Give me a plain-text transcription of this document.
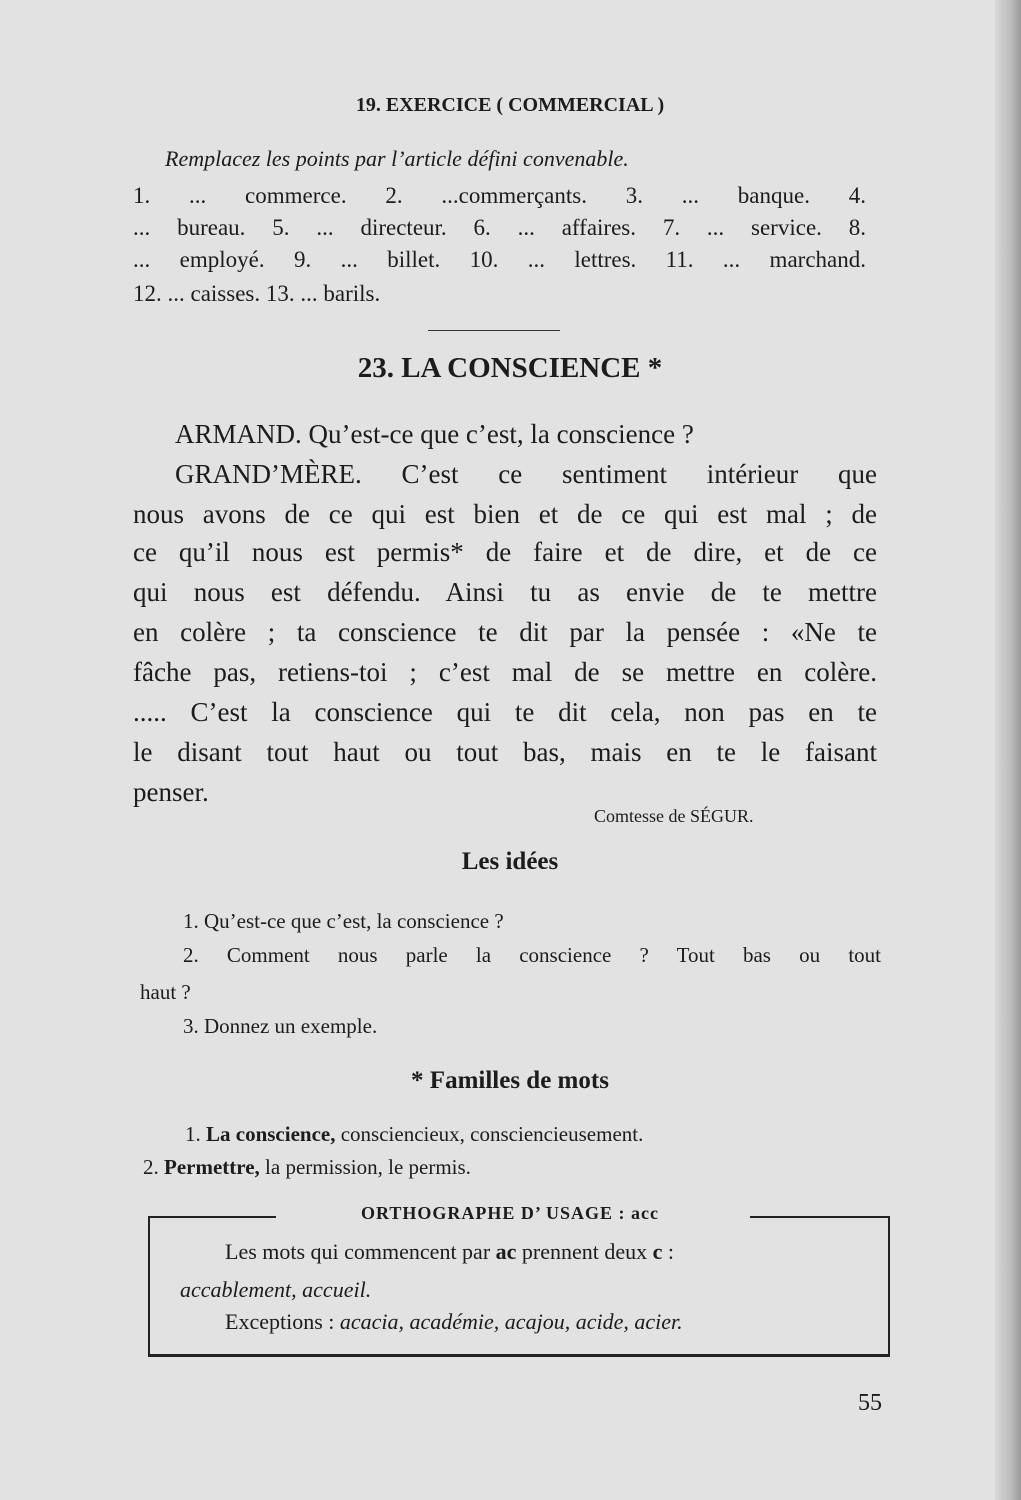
19. EXERCICE ( COMMERCIAL )
Remplacez les points par l’article défini convenable.
1. ... commerce. 2. ...commerçants. 3. ... banque. 4.
... bureau. 5. ... directeur. 6. ... affaires. 7. ... service. 8.
... employé. 9. ... billet. 10. ... lettres. 11. ... marchand.
12. ... caisses. 13. ... barils.
23. LA CONSCIENCE *
ARMAND. Qu’est-ce que c’est, la conscience ?
GRAND’MÈRE. C’est ce sentiment intérieur que
nous avons de ce qui est bien et de ce qui est mal ; de
ce qu’il nous est permis* de faire et de dire, et de ce
qui nous est défendu. Ainsi tu as envie de te mettre
en colère ; ta conscience te dit par la pensée : «Ne te
fâche pas, retiens-toi ; c’est mal de se mettre en colère.
..... C’est la conscience qui te dit cela, non pas en te
le disant tout haut ou tout bas, mais en te le faisant
penser.
Comtesse de SÉGUR.
Les idées
1. Qu’est-ce que c’est, la conscience ?
2. Comment nous parle la conscience ? Tout bas ou tout
haut ?
3. Donnez un exemple.
* Familles de mots
1. La conscience, consciencieux, consciencieusement.
2. Permettre, la permission, le permis.
ORTHOGRAPHE D’ USAGE : acc
Les mots qui commencent par ac prennent deux c :
accablement, accueil.
Exceptions : acacia, académie, acajou, acide, acier.
55
